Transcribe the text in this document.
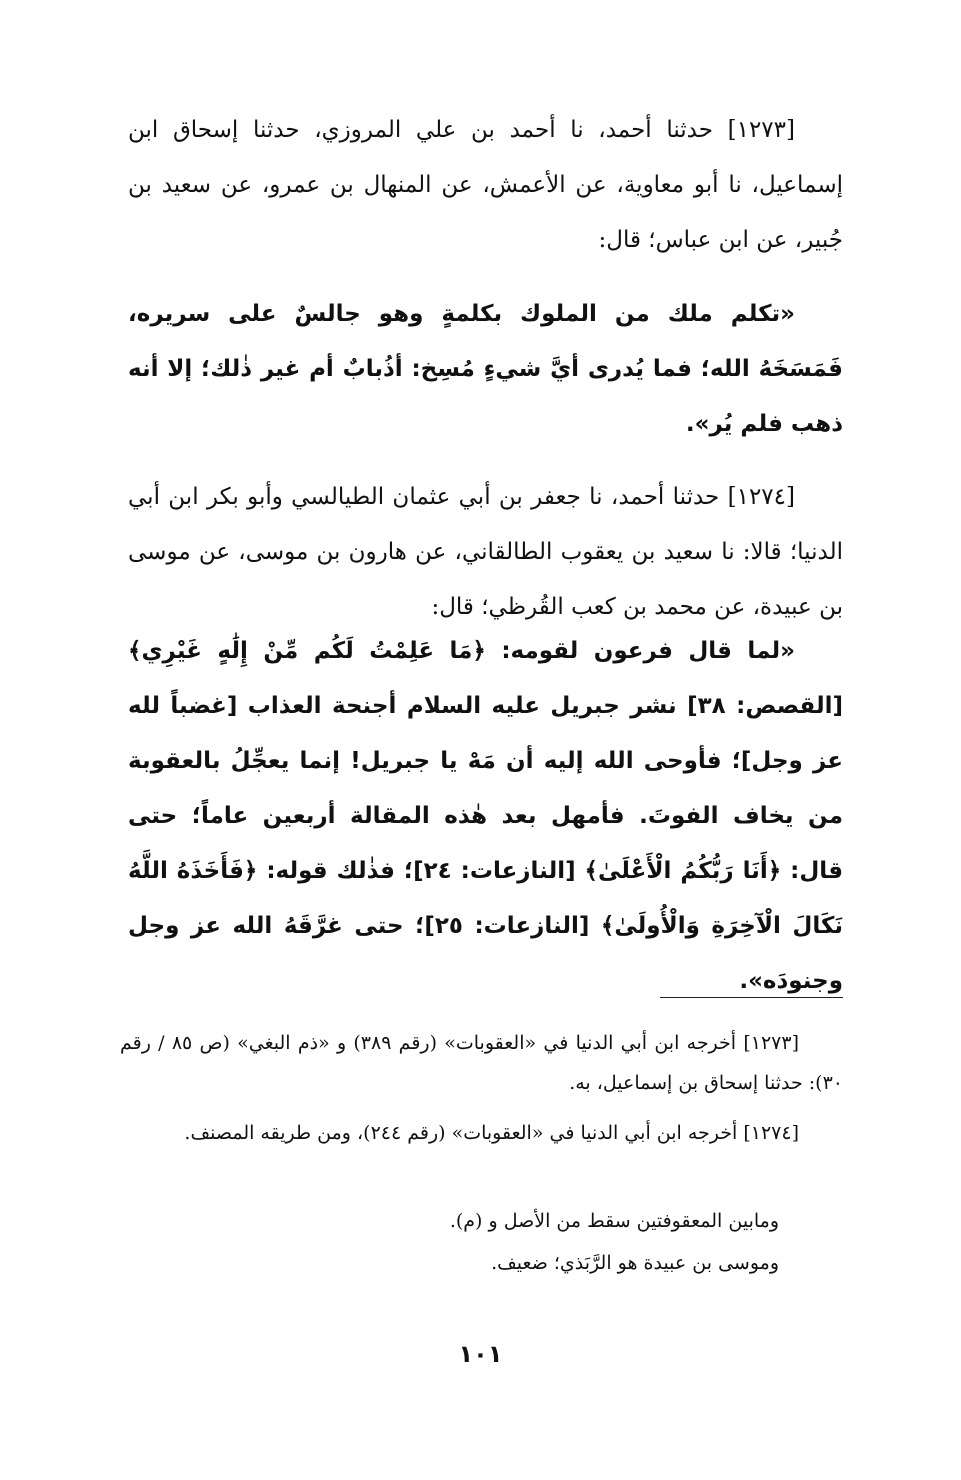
[١٢٧٣] حدثنا أحمد، نا أحمد بن علي المروزي، حدثنا إسحاق ابن إسماعيل، نا أبو معاوية، عن الأعمش، عن المنهال بن عمرو، عن سعيد بن جُبير، عن ابن عباس؛ قال:

«تكلم ملك من الملوك بكلمةٍ وهو جالسٌ على سريره، فَمَسَخَهُ الله؛ فما يُدرى أيَّ شيءٍ مُسِخ: أذُبابٌ أم غير ذٰلك؛ إلا أنه ذهب فلم يُر».

[١٢٧٤] حدثنا أحمد، نا جعفر بن أبي عثمان الطيالسي وأبو بكر ابن أبي الدنيا؛ قالا: نا سعيد بن يعقوب الطالقاني، عن هارون بن موسى، عن موسى بن عبيدة، عن محمد بن كعب القُرظي؛ قال:

«لما قال فرعون لقومه: ﴿مَا عَلِمْتُ لَكُم مِّنْ إِلَٰهٍ غَيْرِي﴾ [القصص: ٣٨] نشر جبريل عليه السلام أجنحة العذاب [غضباً لله عز وجل]؛ فأوحى الله إليه أن مَهْ يا جبريل! إنما يعجِّلُ بالعقوبة من يخاف الفوتَ. فأمهل بعد هٰذه المقالة أربعين عاماً؛ حتى قال: ﴿أَنَا رَبُّكُمُ الْأَعْلَىٰ﴾ [النازعات: ٢٤]؛ فذٰلك قوله: ﴿فَأَخَذَهُ اللَّهُ نَكَالَ الْآخِرَةِ وَالْأُولَىٰ﴾ [النازعات: ٢٥]؛ حتى غرَّقَهُ الله عز وجل وجنودَه».

[١٢٧٣] أخرجه ابن أبي الدنيا في «العقوبات» (رقم ٣٨٩) و «ذم البغي» (ص ٨٥ / رقم ٣٠): حدثنا إسحاق بن إسماعيل، به.

[١٢٧٤] أخرجه ابن أبي الدنيا في «العقوبات» (رقم ٢٤٤)، ومن طريقه المصنف.

ومابين المعقوفتين سقط من الأصل و (م).

وموسى بن عبيدة هو الرَّبَذي؛ ضعيف.

١٠١
